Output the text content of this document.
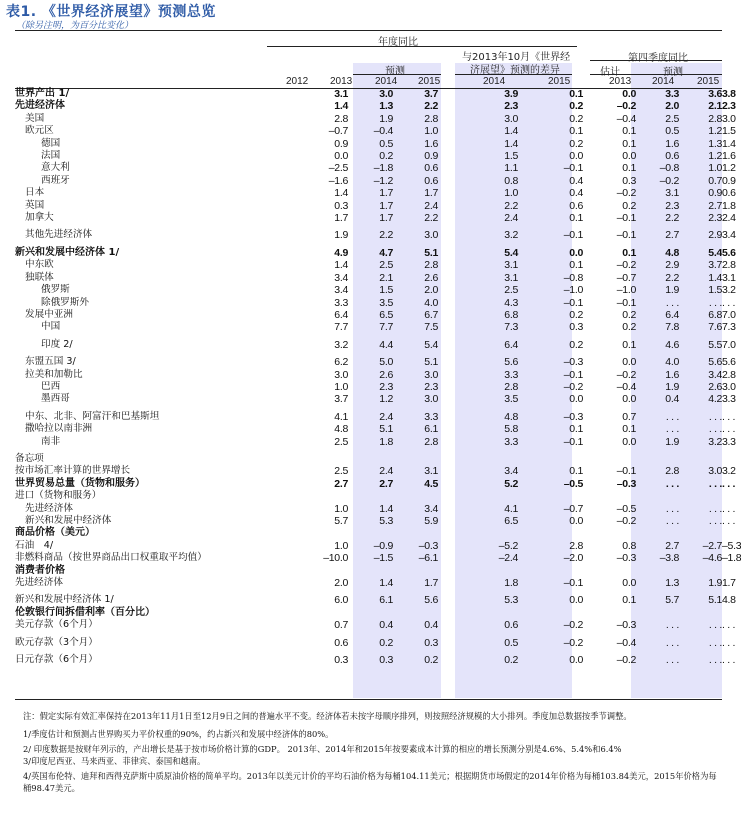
表1. 《世界经济展望》预测总览
（除另注明，为百分比变化）
年度同比
与2013年10月《世界经
济展望》预测的差异
预测
第四季度同比
估计	预测
2012 2013 2014 2015	2014	2015	2013 2014 2015
世界产出 1/	3.1	3.0	3.7	3.9	0.1	0.0	3.3	3.6	3.8
先进经济体	1.4	1.3	2.2	2.3	0.2	–0.2	2.0	2.1	2.3
美国	2.8	1.9	2.8	3.0	0.2	–0.4	2.5	2.8	3.0
欧元区	–0.7	–0.4	1.0	1.4	0.1	0.1	0.5	1.2	1.5
德国	0.9	0.5	1.6	1.4	0.2	0.1	1.6	1.3	1.4
法国	0.0	0.2	0.9	1.5	0.0	0.0	0.6	1.2	1.6
意大利	–2.5	–1.8	0.6	1.1	–0.1	0.1	–0.8	1.0	1.2
西班牙	–1.6	–1.2	0.6	0.8	0.4	0.3	–0.2	0.7	0.9
日本	1.4	1.7	1.7	1.0	0.4	–0.2	3.1	0.9	0.6
英国	0.3	1.7	2.4	2.2	0.6	0.2	2.3	2.7	1.8
加拿大	1.7	1.7	2.2	2.4	0.1	–0.1	2.2	2.3	2.4
其他先进经济体	1.9	2.2	3.0	3.2	–0.1	–0.1	2.7	2.9	3.4
新兴和发展中经济体 1/	4.9	4.7	5.1	5.4	0.0	0.1	4.8	5.4	5.6
中东欧	1.4	2.5	2.8	3.1	0.1	–0.2	2.9	3.7	2.8
独联体	3.4	2.1	2.6	3.1	–0.8	–0.7	2.2	1.4	3.1
俄罗斯	3.4	1.5	2.0	2.5	–1.0	–1.0	1.9	1.5	3.2
除俄罗斯外	3.3	3.5	4.0	4.3	–0.1	–0.1	. . .	. . .	. . .
发展中亚洲	6.4	6.5	6.7	6.8	0.2	0.2	6.4	6.8	7.0
中国	7.7	7.7	7.5	7.3	0.3	0.2	7.8	7.6	7.3
印度 2/	3.2	4.4	5.4	6.4	0.2	0.1	4.6	5.5	7.0
东盟五国 3/	6.2	5.0	5.1	5.6	–0.3	0.0	4.0	5.6	5.6
拉美和加勒比	3.0	2.6	3.0	3.3	–0.1	–0.2	1.6	3.4	2.8
巴西	1.0	2.3	2.3	2.8	–0.2	–0.4	1.9	2.6	3.0
墨西哥	3.7	1.2	3.0	3.5	0.0	0.0	0.4	4.2	3.3
中东、北非、阿富汗和巴基斯坦	4.1	2.4	3.3	4.8	–0.3	0.7	. . .	. . .	. . .
撒哈拉以南非洲	4.8	5.1	6.1	5.8	0.1	0.1	. . .	. . .	. . .
南非	2.5	1.8	2.8	3.3	–0.1	0.0	1.9	3.2	3.3
备忘项									
按市场汇率计算的世界增长	2.5	2.4	3.1	3.4	0.1	–0.1	2.8	3.0	3.2
世界贸易总量（货物和服务）	2.7	2.7	4.5	5.2	–0.5	–0.3	. . .	. . .	. . .
进口（货物和服务）									
先进经济体	1.0	1.4	3.4	4.1	–0.7	–0.5	. . .	. . .	. . .
新兴和发展中经济体	5.7	5.3	5.9	6.5	0.0	–0.2	. . .	. . .	. . .
商品价格（美元）									
石油　4/	1.0	–0.9	–0.3	–5.2	2.8	0.8	2.7	–2.7	–5.3
非燃料商品（按世界商品出口权重取平均值）	–10.0	–1.5	–6.1	–2.4	–2.0	–0.3	–3.8	–4.6	–1.8
消费者价格									
先进经济体	2.0	1.4	1.7	1.8	–0.1	0.0	1.3	1.9	1.7
新兴和发展中经济体 1/	6.0	6.1	5.6	5.3	0.0	0.1	5.7	5.1	4.8
伦敦银行间拆借利率（百分比）									
美元存款（6个月）	0.7	0.4	0.4	0.6	–0.2	–0.3	. . .	. . .	. . .
欧元存款（3个月）	0.6	0.2	0.3	0.5	–0.2	–0.4	. . .	. . .	. . .
日元存款（6个月）	0.3	0.3	0.2	0.2	0.0	–0.2	. . .	. . .	. . .

注：假定实际有效汇率保持在2013年11月1日至12月9日之间的普遍水平不变。经济体若未按字母顺序排列，则按照经济规模的大小排列。季度加总数据按季节调整。

1/季度估计和预测占世界购买力平价权重的90%，约占新兴和发展中经济体的80%。

2/ 印度数据是按财年列示的，产出增长是基于按市场价格计算的GDP。 2013年、2014年和2015年按要素成本计算的相应的增长预测分别是4.6%、5.4%和6.4%

3/印度尼西亚、马来西亚、菲律宾、泰国和越南。

4/英国布伦特、迪拜和西得克萨斯中质原油价格的简单平均。2013年以美元计价的平均石油价格为每桶104.11美元；根据期货市场假定的2014年价格为每桶103.84美元，2015年价格为每桶98.47美元。
